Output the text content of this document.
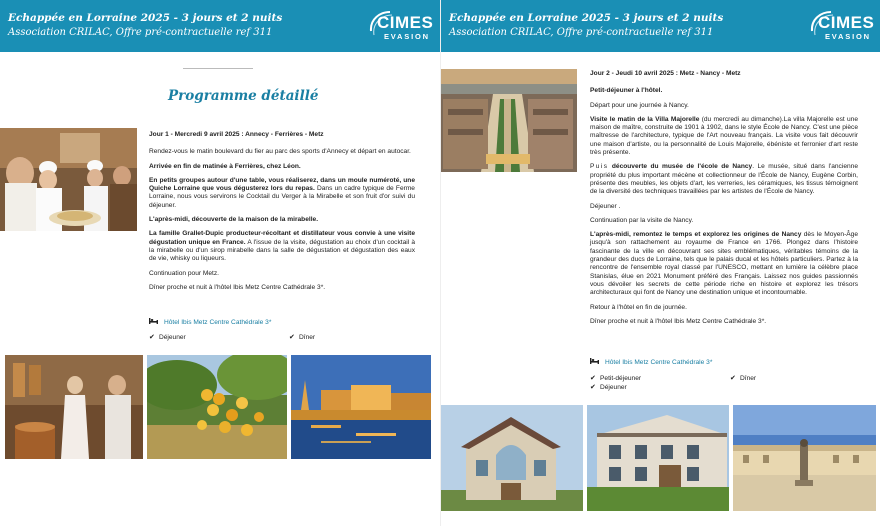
Echappée en Lorraine 2025 - 3 jours et 2 nuits
Association CRILAC, Offre pré-contractuelle ref 311
CIMES
EVASION
Programme détaillé

Jour 1 - Mercredi 9 avril 2025 : Annecy - Ferrières - Metz

Rendez-vous le matin boulevard du fier au parc des sports d'Annecy et départ en autocar.

Arrivée en fin de matinée à Ferrières, chez Léon.

En petits groupes autour d'une table, vous réaliserez, dans un moule numéroté, une Quiche Lorraine que vous dégusterez lors du repas. Dans un cadre typique de Ferme Lorraine, nous vous servirons le Cocktail du Verger à la Mirabelle et son fruit d'or suivi du déjeuner.

L'après-midi, découverte de la maison de la mirabelle.

La famille Grallet-Dupic producteur-récoltant et distillateur vous convie à une visite dégustation unique en France. A l'issue de la visite, dégustation au choix d'un cocktail à la mirabelle ou d'un sirop mirabelle dans la salle de dégustation et dégustation des eaux de vie, whisky ou liqueurs.

Continuation pour Metz.

Dîner proche et nuit à l'hôtel Ibis Metz Centre Cathédrale 3*.

Hôtel Ibis Metz Centre Cathédrale 3*
✔ Déjeuner	✔ Dîner
Echappée en Lorraine 2025 - 3 jours et 2 nuits
Association CRILAC, Offre pré-contractuelle ref 311
CIMES
EVASION

Jour 2 - Jeudi 10 avril 2025 : Metz - Nancy - Metz

Petit-déjeuner à l'hôtel.

Départ pour une journée à Nancy.

Visite le matin de la Villa Majorelle (du mercredi au dimanche).La villa Majorelle est une maison de maître, construite de 1901 à 1902, dans le style École de Nancy. C'est une pièce maîtresse de l'architecture, typique de l'Art nouveau français. La visite vous fait découvrir une maison d'artiste, ou la personnalité de Louis Majorelle, ébéniste et ferronier d'art reste très présente.

Puis découverte du musée de l'école de Nancy. Le musée, situé dans l'ancienne propriété du plus important mécène et collectionneur de l'École de Nancy, Eugène Corbin, présente des meubles, les objets d'art, les verreries, les céramiques, les tissus témoignent de la diversité des techniques travaillées par les artistes de l'École de Nancy.

Déjeuner .

Continuation par la visite de Nancy.

L'après-midi, remontez le temps et explorez les origines de Nancy dès le Moyen-Âge jusqu'à son rattachement au royaume de France en 1766. Plongez dans l'histoire fascinante de la ville en découvrant ses sites emblématiques, véritables témoins de la grandeur des ducs de Lorraine, tels que le palais ducal et les hôtels particuliers. Partez à la rencontre de l'ensemble royal classé par l'UNESCO, mettant en lumière la célèbre place Stanislas, élue en 2021 Monument préféré des Français. Laissez nos guides passionnés vous dévoiler les secrets de cette période riche en histoire et explorez les trésors architecturaux qui font de Nancy une destination unique et incontournable.

Retour à l'hôtel en fin de journée.

Dîner proche et nuit à l'hôtel Ibis Metz Centre Cathédrale 3*.

Hôtel Ibis Metz Centre Cathédrale 3*
✔ Petit-déjeuner	✔ Dîner
✔ Déjeuner
